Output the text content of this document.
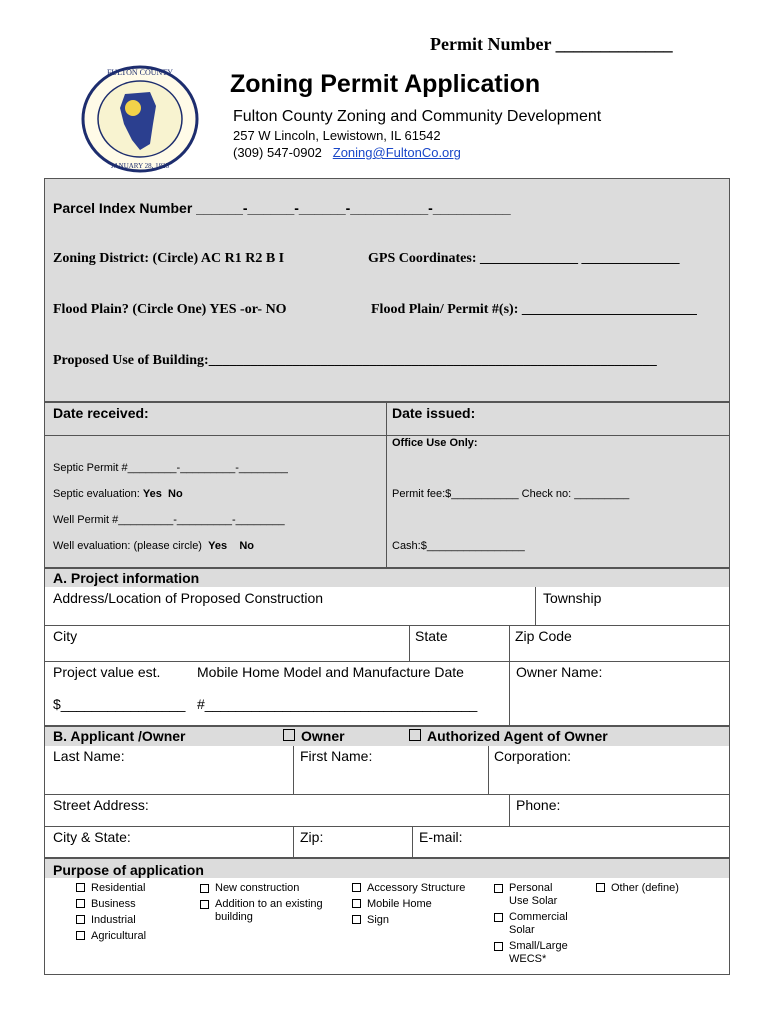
Permit Number _____________
FULTON COUNTY
JANUARY 28, 1823
Zoning Permit Application
Fulton County Zoning and Community Development
257 W Lincoln, Lewistown, IL 61542
(309) 547-0902 Zoning@FultonCo.org
Parcel Index Number ______-______-______-__________-__________
Zoning District: (Circle) AC R1 R2 B I	GPS Coordinates: ______________ ______________
Flood Plain? (Circle One) YES -or- NO	Flood Plain/ Permit #(s): _________________________
Proposed Use of Building:________________________________________________________________
Date received:	Date issued:
Office Use Only:
Septic Permit #________-_________-________
Septic evaluation: Yes No	Permit fee:$___________ Check no: _________
Well Permit #_________-_________-________
Well evaluation: (please circle) Yes No	Cash:$________________
A. Project information
Address/Location of Proposed Construction	Township
City	State	Zip Code
Project value est.	Mobile Home Model and Manufacture Date	Owner Name:
$________________ #___________________________________
B. Applicant /Owner	Owner	Authorized Agent of Owner
Last Name:	First Name:	Corporation:
Street Address:	Phone:
City & State:	Zip:	E-mail:
Purpose of application
Residential
Business
Industrial
Agricultural
New construction
Addition to an existing building
Accessory Structure
Mobile Home
Sign
Personal Use Solar
Commercial Solar
Small/Large WECS*
Other (define)
